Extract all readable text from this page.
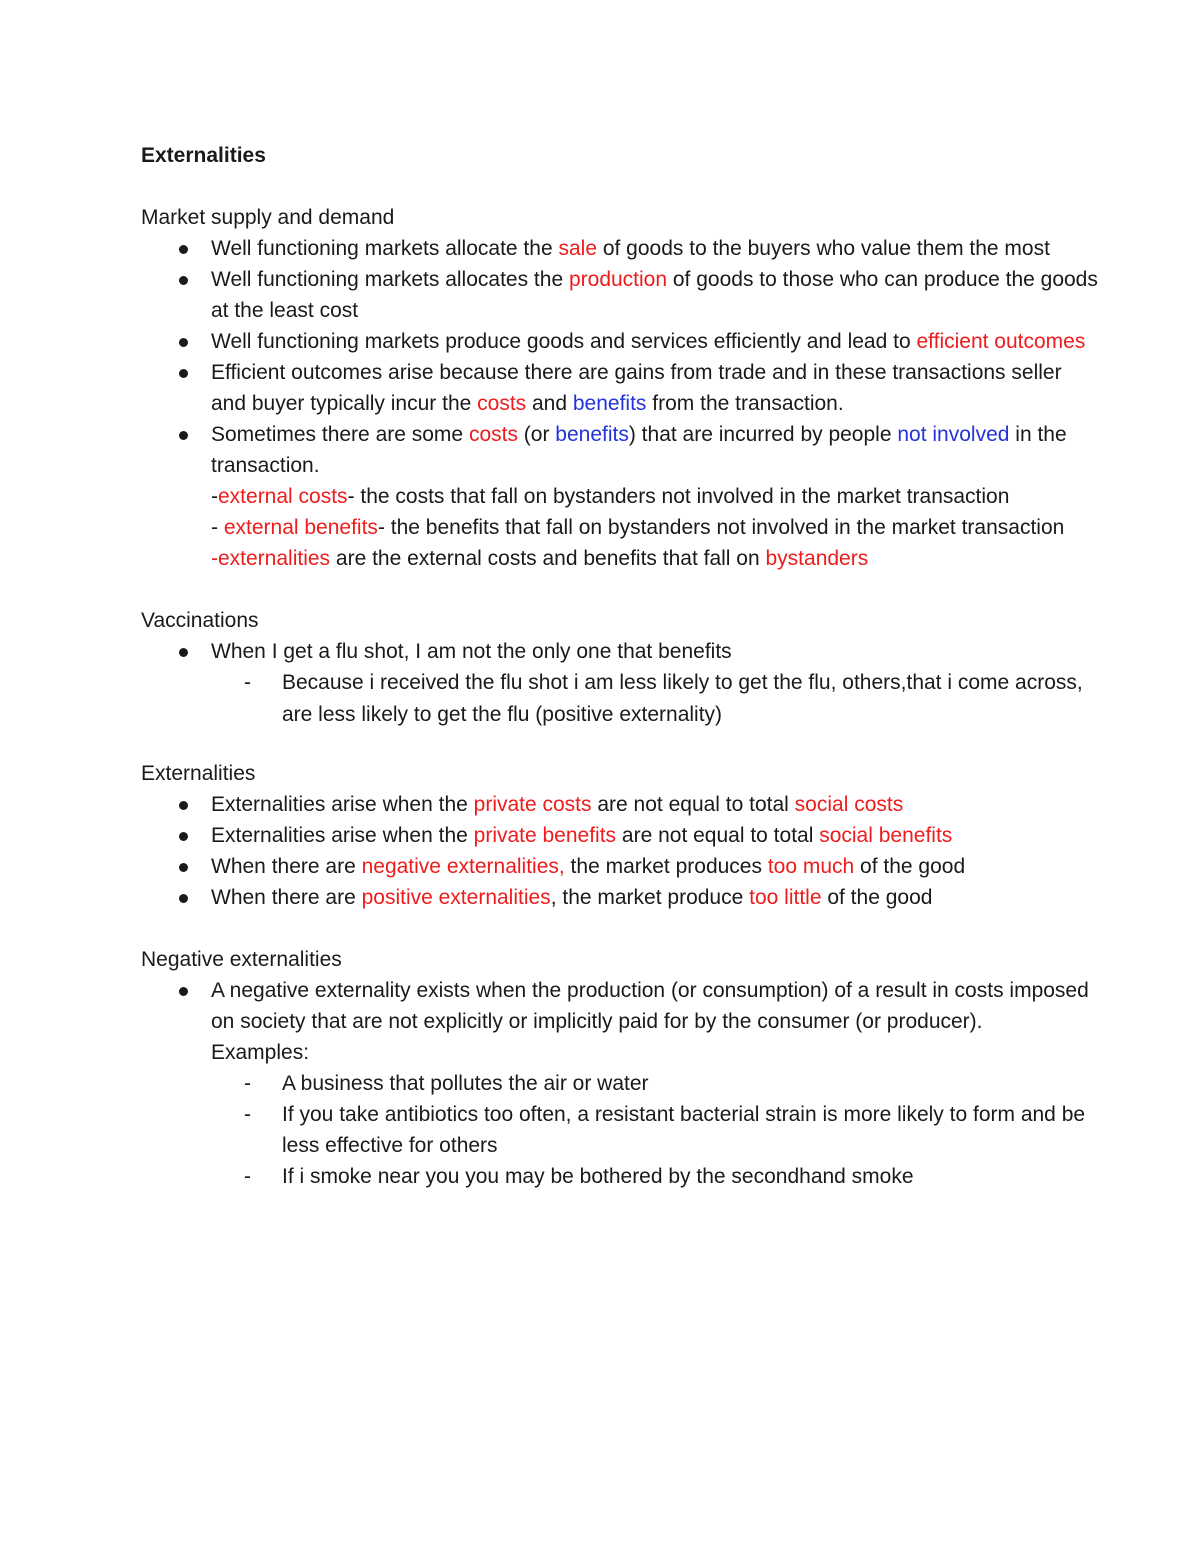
Externalities
Market supply and demand
Well functioning markets allocate the sale of goods to the buyers who value them the most
Well functioning markets allocates the production of goods to those who can produce the goods at the least cost
Well functioning markets produce goods and services efficiently and lead to efficient outcomes
Efficient outcomes arise because there are gains from trade and in these transactions seller and buyer typically incur the costs and benefits from the transaction.
Sometimes there are some costs (or benefits) that are incurred by people not involved in the transaction.
-external costs- the costs that fall on bystanders not involved in the market transaction
- external benefits- the benefits that fall on bystanders not involved in the market transaction
-externalities are the external costs and benefits that fall on bystanders
Vaccinations
When I get a flu shot, I am not the only one that benefits
- Because i received the flu shot i am less likely to get the flu, others,that i come across, are less likely to get the flu (positive externality)
Externalities
Externalities arise when the private costs are not equal to total social costs
Externalities arise when the private benefits are not equal to total social benefits
When there are negative externalities, the market produces too much of the good
When there are positive externalities, the market produce too little of the good
Negative externalities
A negative externality exists when the production (or consumption) of a result in costs imposed on society that are not explicitly or implicitly paid for by the consumer (or producer).
Examples:
- A business that pollutes the air or water
- If you take antibiotics too often, a resistant bacterial strain is more likely to form and be less effective for others
- If i smoke near you you may be bothered by the secondhand smoke
